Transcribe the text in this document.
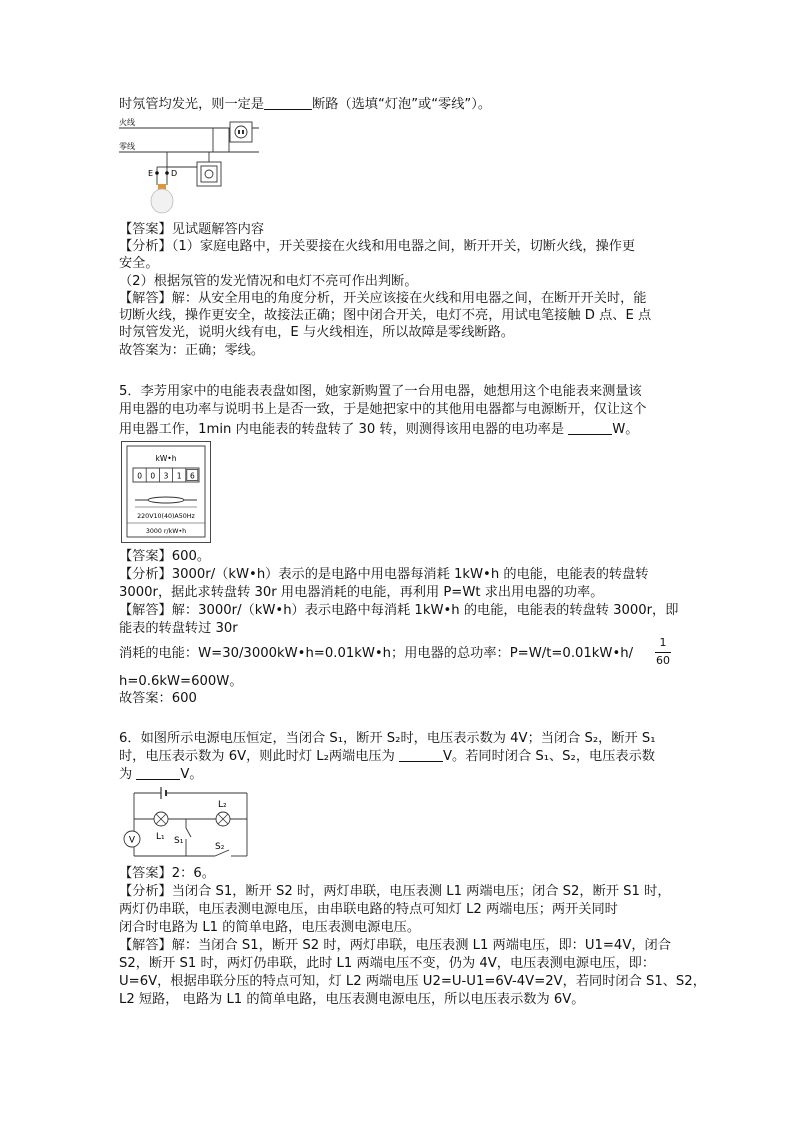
时氖管均发光，则一定是	断路（选填“灯泡”或“零线”）。
火线
零线
E D
【答案】见试题解答内容
【分析】（1）家庭电路中，开关要接在火线和用电器之间，断开开关，切断火线，操作更
安全。
（2）根据氖管的发光情况和电灯不亮可作出判断。
【解答】解：从安全用电的角度分析，开关应该接在火线和用电器之间，在断开开关时，能
切断火线，操作更安全，故接法正确；图中闭合开关，电灯不亮，用试电笔接触 D 点、E 点
时氖管发光，说明火线有电，E 与火线相连，所以故障是零线断路。
故答案为：正确；零线。
5．李芳用家中的电能表表盘如图，她家新购置了一台用电器，她想用这个电能表来测量该
用电器的电功率与说明书上是否一致，于是她把家中的其他用电器都与电源断开，仅让这个
用电器工作，1min 内电能表的转盘转了 30 转，则测得该用电器的电功率是	W。
kW•h
0 0 3 1 6
220V10(40)A50Hz
3000 r/kW•h
【答案】600。
【分析】3000r/（kW•h）表示的是电路中用电器每消耗 1kW•h 的电能，电能表的转盘转
3000r，据此求转盘转 30r 用电器消耗的电能，再利用 P=Wt 求出用电器的功率。
【解答】解：3000r/（kW•h）表示电路中每消耗 1kW•h 的电能，电能表的转盘转 3000r，即
能表的转盘转过 30r
消耗的电能：W=30/3000kW•h=0.01kW•h；用电器的总功率：P=W/t=0.01kW•h/
1
60
h=0.6kW=600W。
故答案：600
6．如图所示电源电压恒定，当闭合 S₁，断开 S₂时，电压表示数为 4V；当闭合 S₂，断开 S₁
时，电压表示数为 6V，则此时灯 L₂两端电压为	V。若同时闭合 S₁、S₂，电压表示数
为	V。
V L₁
L₂
S₁
S₂
【答案】2：6。
【分析】当闭合 S1，断开 S2 时，两灯串联，电压表测 L1 两端电压；闭合 S2，断开 S1 时，
两灯仍串联，电压表测电源电压，由串联电路的特点可知灯 L2 两端电压；两开关同时
闭合时电路为 L1 的简单电路，电压表测电源电压。
【解答】解：当闭合 S1，断开 S2 时，两灯串联，电压表测 L1 两端电压，即：U1=4V，闭合
S2，断开 S1 时，两灯仍串联，此时 L1 两端电压不变，仍为 4V，电压表测电源电压，即：
U=6V，根据串联分压的特点可知，灯 L2 两端电压 U2=U-U1=6V-4V=2V，若同时闭合 S1、S2，
L2 短路， 电路为 L1 的简单电路，电压表测电源电压，所以电压表示数为 6V。
